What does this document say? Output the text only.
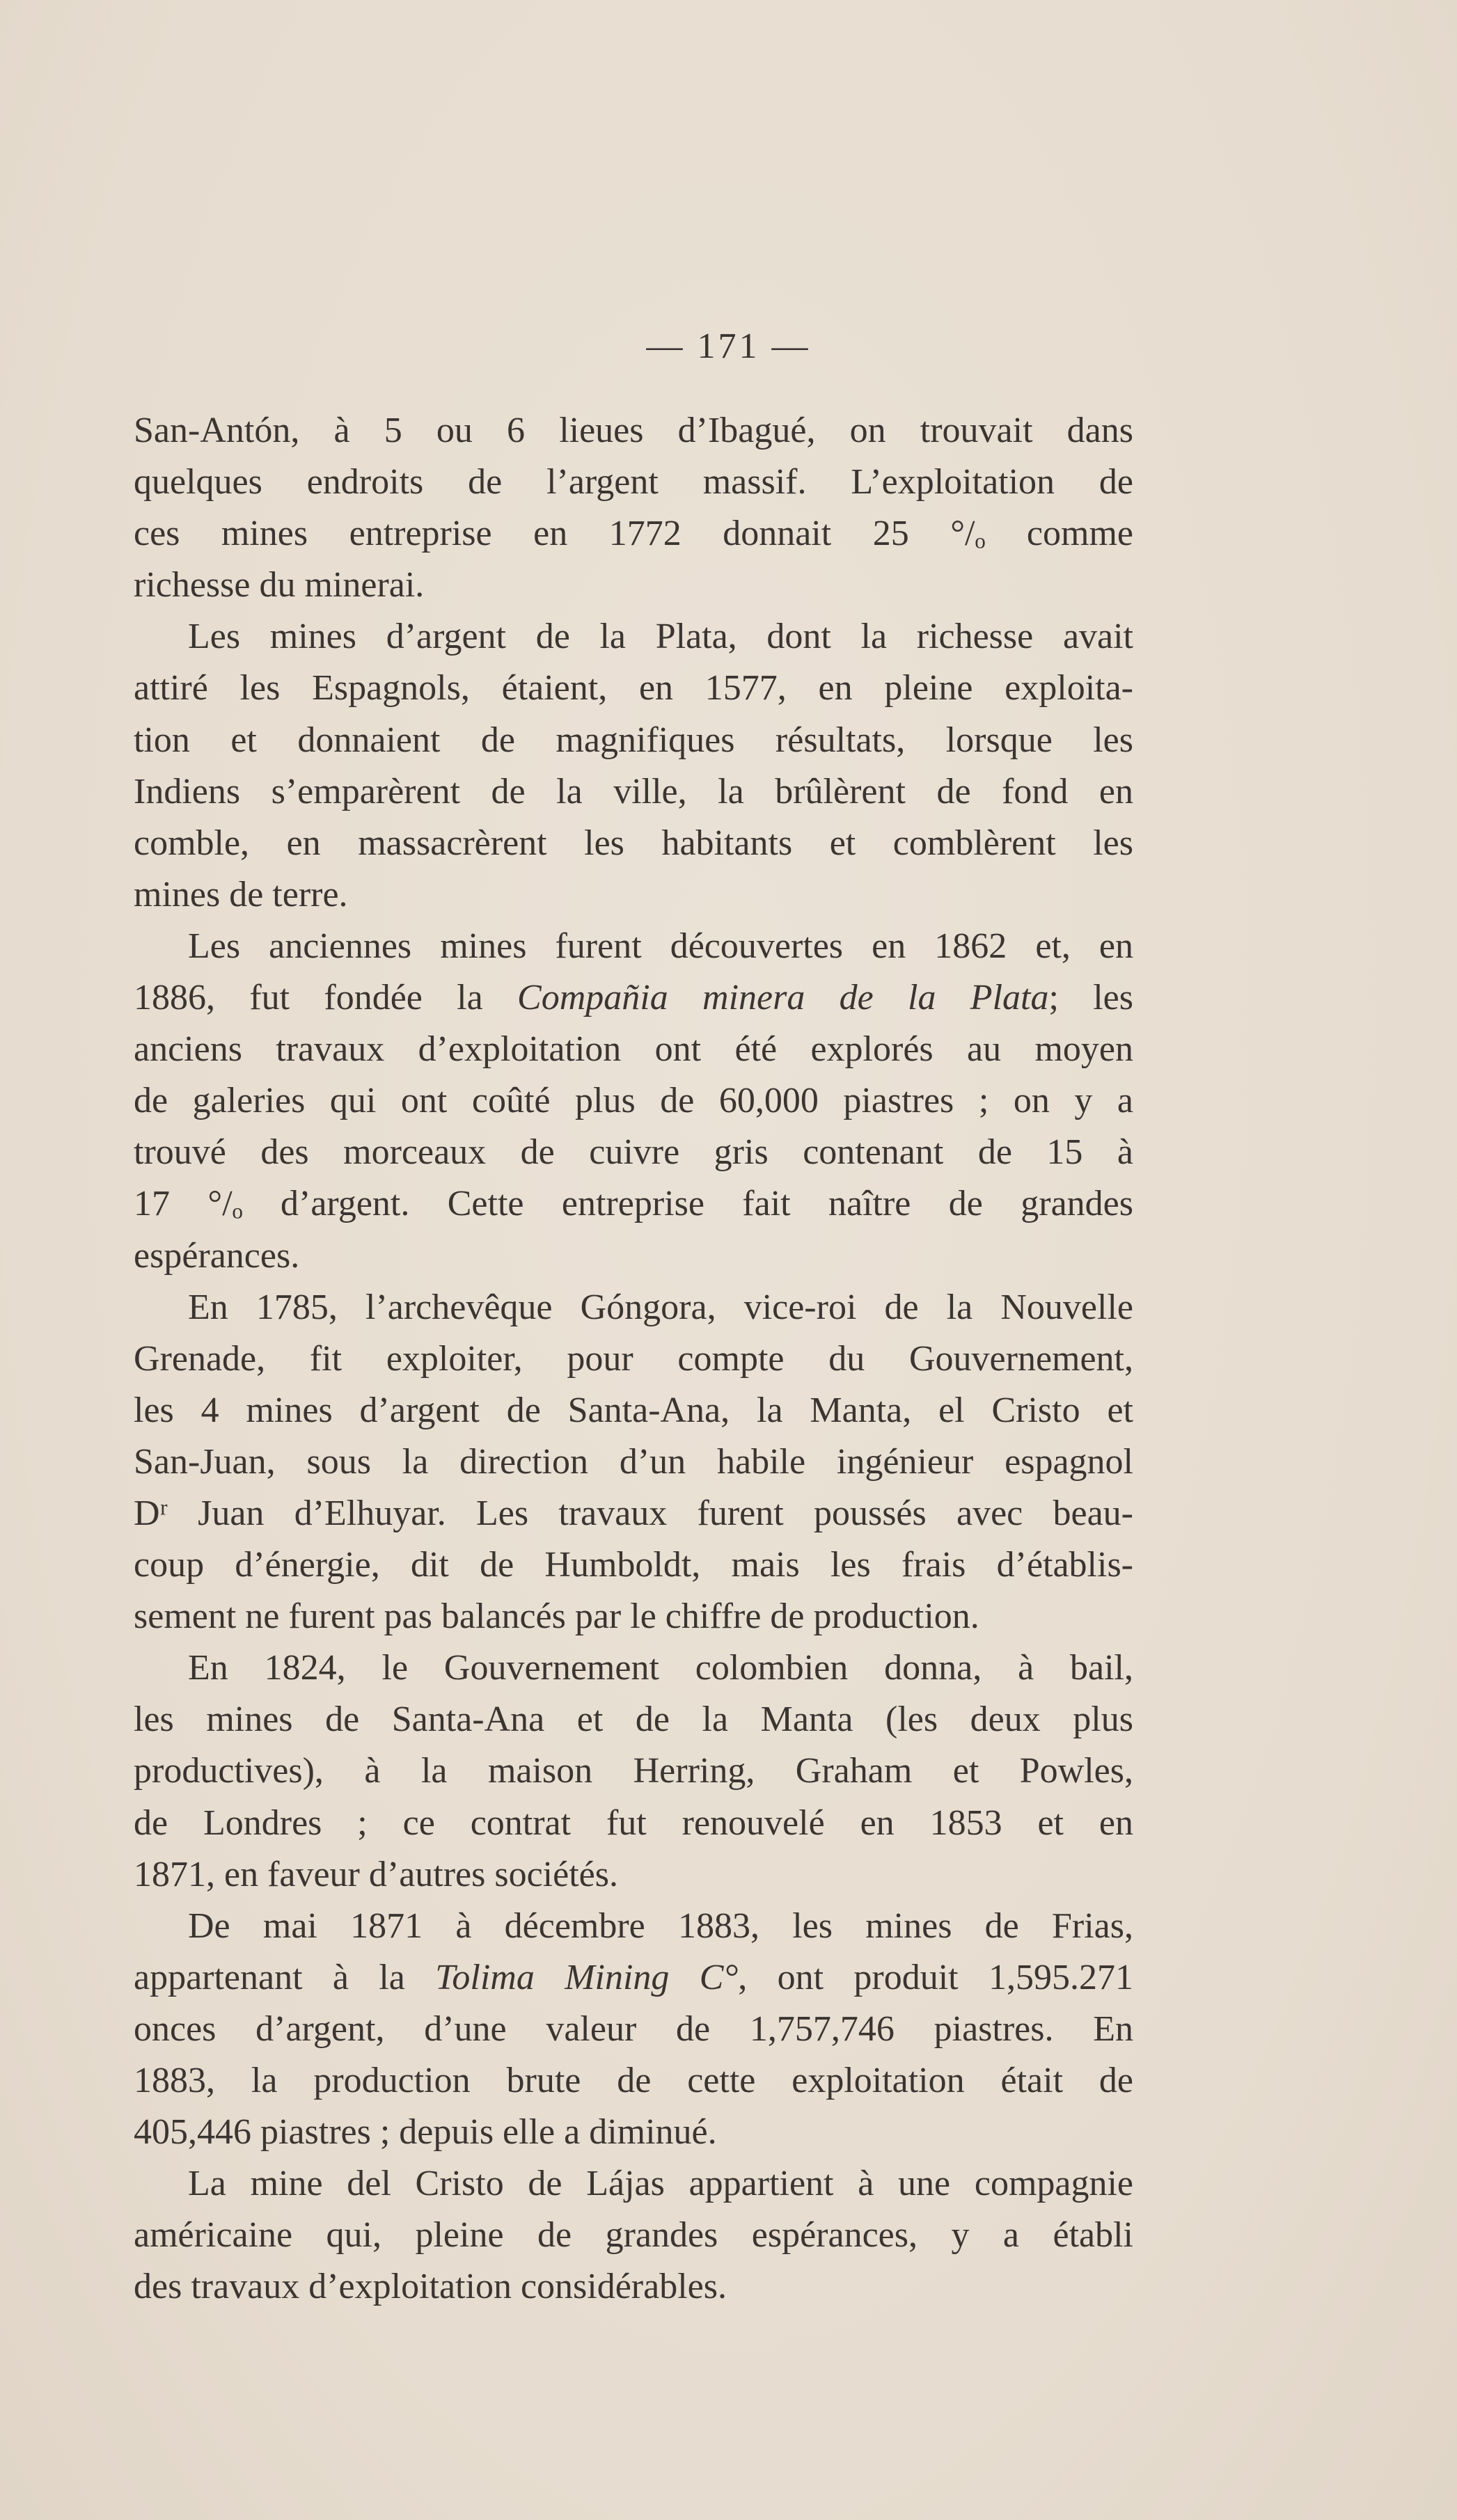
— 171 —
San-Antón, à 5 ou 6 lieues d’Ibagué, on trouvait dans
quelques endroits de l’argent massif. L’exploitation de
ces mines entreprise en 1772 donnait 25 °/ₒ comme
richesse du minerai.
Les mines d’argent de la Plata, dont la richesse avait
attiré les Espagnols, étaient, en 1577, en pleine exploita-
tion et donnaient de magnifiques résultats, lorsque les
Indiens s’emparèrent de la ville, la brûlèrent de fond en
comble, en massacrèrent les habitants et comblèrent les
mines de terre.
Les anciennes mines furent découvertes en 1862 et, en
1886, fut fondée la Compañia minera de la Plata; les
anciens travaux d’exploitation ont été explorés au moyen
de galeries qui ont coûté plus de 60,000 piastres ; on y a
trouvé des morceaux de cuivre gris contenant de 15 à
17 °/ₒ d’argent. Cette entreprise fait naître de grandes
espérances.
En 1785, l’archevêque Góngora, vice-roi de la Nouvelle
Grenade, fit exploiter, pour compte du Gouvernement,
les 4 mines d’argent de Santa-Ana, la Manta, el Cristo et
San-Juan, sous la direction d’un habile ingénieur espagnol
Dʳ Juan d’Elhuyar. Les travaux furent poussés avec beau-
coup d’énergie, dit de Humboldt, mais les frais d’établis-
sement ne furent pas balancés par le chiffre de production.
En 1824, le Gouvernement colombien donna, à bail,
les mines de Santa-Ana et de la Manta (les deux plus
productives), à la maison Herring, Graham et Powles,
de Londres ; ce contrat fut renouvelé en 1853 et en
1871, en faveur d’autres sociétés.
De mai 1871 à décembre 1883, les mines de Frias,
appartenant à la Tolima Mining C°, ont produit 1,595.271
onces d’argent, d’une valeur de 1,757,746 piastres. En
1883, la production brute de cette exploitation était de
405,446 piastres ; depuis elle a diminué.
La mine del Cristo de Lájas appartient à une compagnie
américaine qui, pleine de grandes espérances, y a établi
des travaux d’exploitation considérables.
